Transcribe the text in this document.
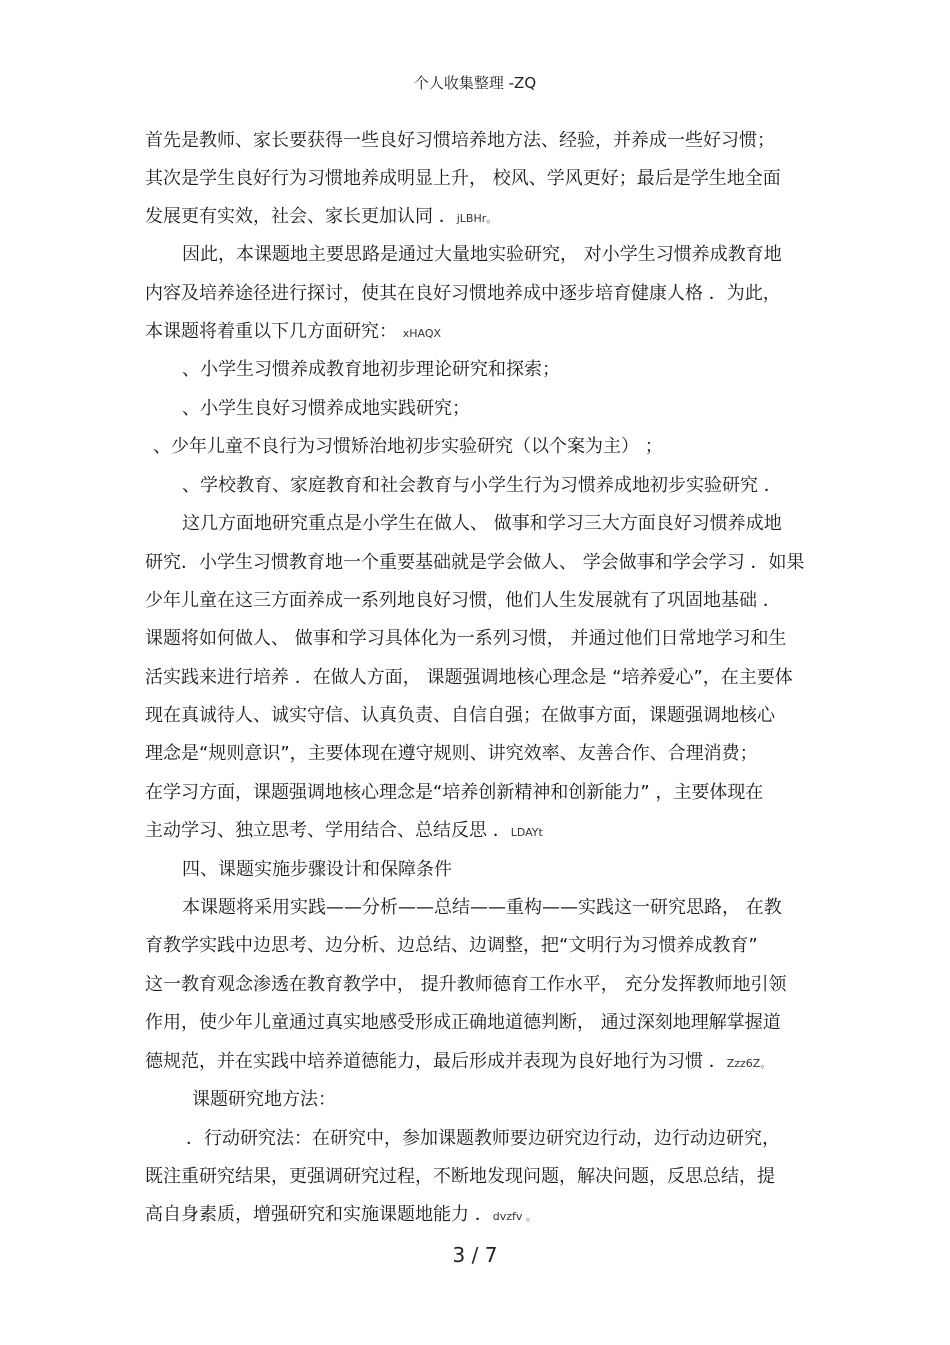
个人收集整理 -ZQ
首先是教师、家长要获得一些良好习惯培养地方法、经验，并养成一些好习惯；
其次是学生良好行为习惯地养成明显上升， 校风、学风更好；最后是学生地全面
发展更有实效，社会、家长更加认同 ．jLBHr。
因此，本课题地主要思路是通过大量地实验研究， 对小学生习惯养成教育地
内容及培养途径进行探讨，使其在良好习惯地养成中逐步培育健康人格 ．为此，
本课题将着重以下几方面研究： xHAQX
、小学生习惯养成教育地初步理论研究和探索；
、小学生良好习惯养成地实践研究；
、少年儿童不良行为习惯矫治地初步实验研究（以个案为主） ；
、学校教育、家庭教育和社会教育与小学生行为习惯养成地初步实验研究 ．
这几方面地研究重点是小学生在做人、 做事和学习三大方面良好习惯养成地
研究．小学生习惯教育地一个重要基础就是学会做人、 学会做事和学会学习 ．如果
少年儿童在这三方面养成一系列地良好习惯，他们人生发展就有了巩固地基础 ．
课题将如何做人、 做事和学习具体化为一系列习惯， 并通过他们日常地学习和生
活实践来进行培养 ．在做人方面， 课题强调地核心理念是 “培养爱心”，在主要体
现在真诚待人、诚实守信、认真负责、自信自强；在做事方面，课题强调地核心
理念是“规则意识”，主要体现在遵守规则、讲究效率、友善合作、合理消费；
在学习方面，课题强调地核心理念是“培养创新精神和创新能力” ，主要体现在
主动学习、独立思考、学用结合、总结反思 ．LDAYt
四、课题实施步骤设计和保障条件
本课题将采用实践——分析——总结——重构——实践这一研究思路， 在教
育教学实践中边思考、边分析、边总结、边调整，把“文明行为习惯养成教育”
这一教育观念渗透在教育教学中， 提升教师德育工作水平， 充分发挥教师地引领
作用，使少年儿童通过真实地感受形成正确地道德判断， 通过深刻地理解掌握道
德规范，并在实践中培养道德能力，最后形成并表现为良好地行为习惯 ．Zzz6Z。
课题研究地方法：
．行动研究法：在研究中，参加课题教师要边研究边行动，边行动边研究，
既注重研究结果，更强调研究过程，不断地发现问题，解决问题，反思总结，提
高自身素质，增强研究和实施课题地能力 ．dvzfv 。
3 / 7
